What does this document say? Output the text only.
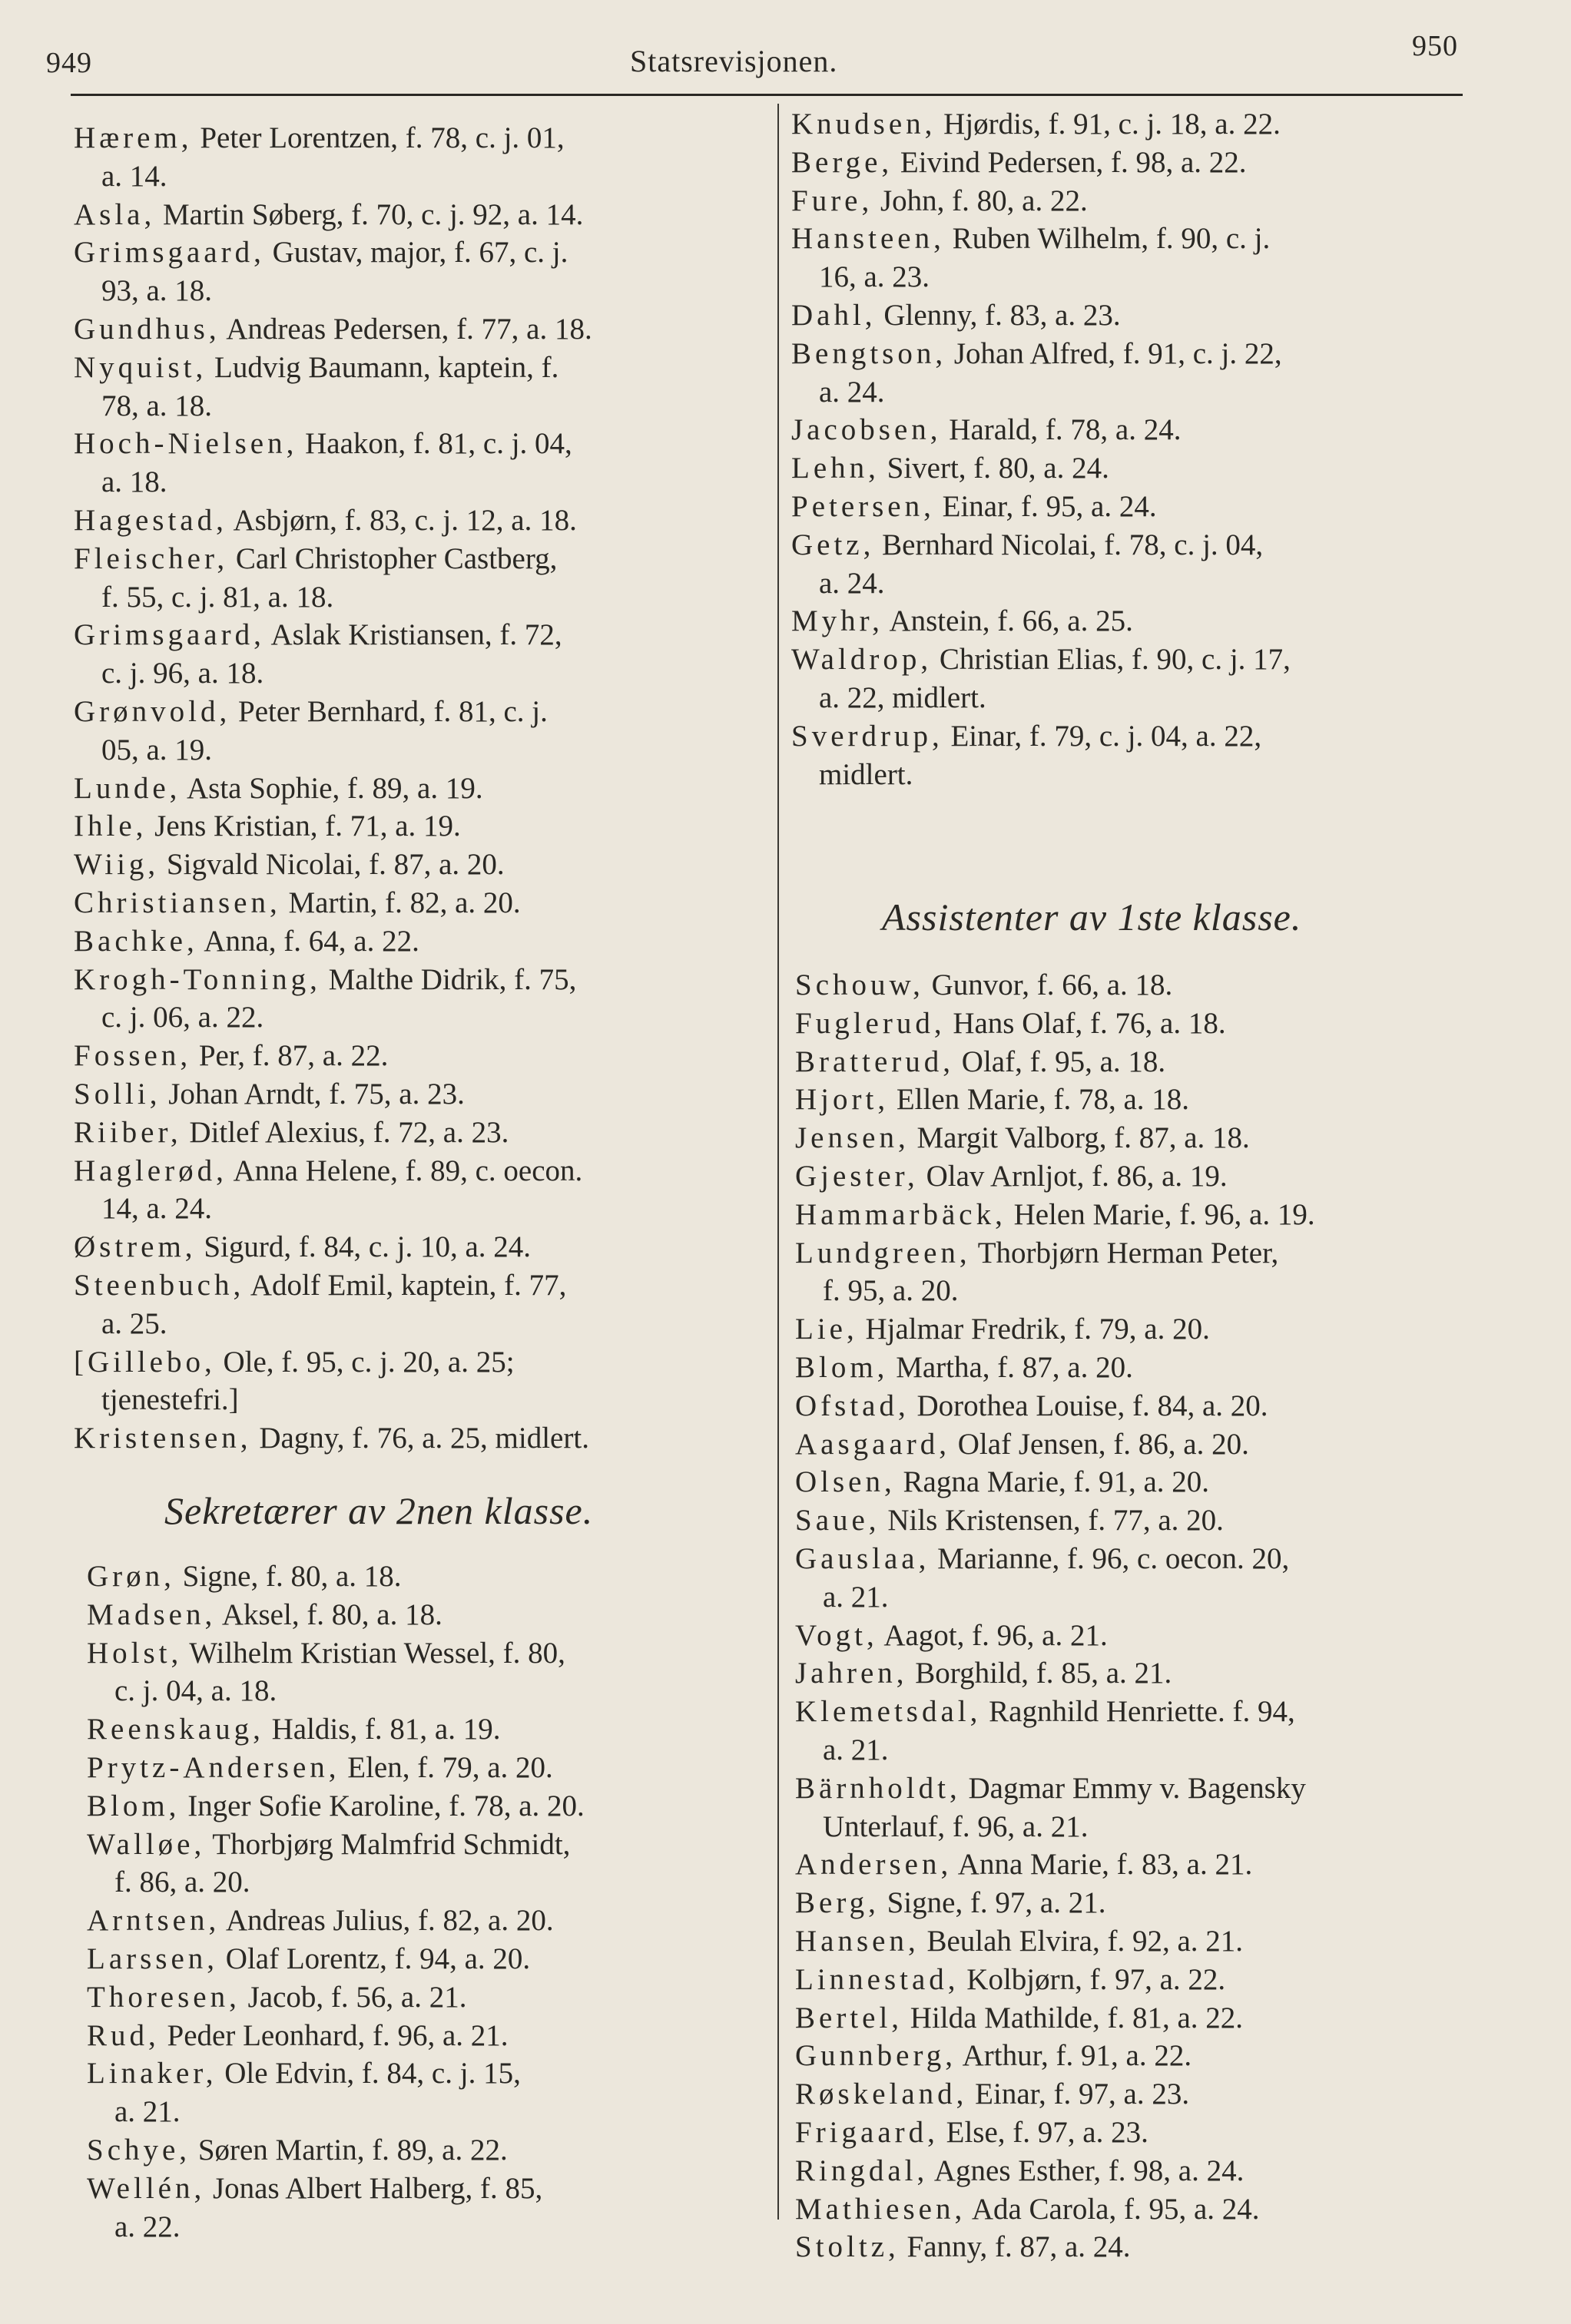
949	Statsrevisjonen.	950
Hærem, Peter Lorentzen, f. 78, c. j. 01,
a. 14.
Asla, Martin Søberg, f. 70, c. j. 92, a. 14.
Grimsgaard, Gustav, major, f. 67, c. j.
93, a. 18.
Gundhus, Andreas Pedersen, f. 77, a. 18.
Nyquist, Ludvig Baumann, kaptein, f.
78, a. 18.
Hoch-Nielsen, Haakon, f. 81, c. j. 04,
a. 18.
Hagestad, Asbjørn, f. 83, c. j. 12, a. 18.
Fleischer, Carl Christopher Castberg,
f. 55, c. j. 81, a. 18.
Grimsgaard, Aslak Kristiansen, f. 72,
c. j. 96, a. 18.
Grønvold, Peter Bernhard, f. 81, c. j.
05, a. 19.
Lunde, Asta Sophie, f. 89, a. 19.
Ihle, Jens Kristian, f. 71, a. 19.
Wiig, Sigvald Nicolai, f. 87, a. 20.
Christiansen, Martin, f. 82, a. 20.
Bachke, Anna, f. 64, a. 22.
Krogh-Tonning, Malthe Didrik, f. 75,
c. j. 06, a. 22.
Fossen, Per, f. 87, a. 22.
Solli, Johan Arndt, f. 75, a. 23.
Riiber, Ditlef Alexius, f. 72, a. 23.
Haglerød, Anna Helene, f. 89, c. oecon.
14, a. 24.
Østrem, Sigurd, f. 84, c. j. 10, a. 24.
Steenbuch, Adolf Emil, kaptein, f. 77,
a. 25.
[Gillebo, Ole, f. 95, c. j. 20, a. 25;
tjenestefri.]
Kristensen, Dagny, f. 76, a. 25, midlert.
Sekretærer av 2nen klasse.
Grøn, Signe, f. 80, a. 18.
Madsen, Aksel, f. 80, a. 18.
Holst, Wilhelm Kristian Wessel, f. 80,
c. j. 04, a. 18.
Reenskaug, Haldis, f. 81, a. 19.
Prytz-Andersen, Elen, f. 79, a. 20.
Blom, Inger Sofie Karoline, f. 78, a. 20.
Walløe, Thorbjørg Malmfrid Schmidt,
f. 86, a. 20.
Arntsen, Andreas Julius, f. 82, a. 20.
Larssen, Olaf Lorentz, f. 94, a. 20.
Thoresen, Jacob, f. 56, a. 21.
Rud, Peder Leonhard, f. 96, a. 21.
Linaker, Ole Edvin, f. 84, c. j. 15,
a. 21.
Schye, Søren Martin, f. 89, a. 22.
Wellén, Jonas Albert Halberg, f. 85,
a. 22.
Knudsen, Hjørdis, f. 91, c. j. 18, a. 22.
Berge, Eivind Pedersen, f. 98, a. 22.
Fure, John, f. 80, a. 22.
Hansteen, Ruben Wilhelm, f. 90, c. j.
16, a. 23.
Dahl, Glenny, f. 83, a. 23.
Bengtson, Johan Alfred, f. 91, c. j. 22,
a. 24.
Jacobsen, Harald, f. 78, a. 24.
Lehn, Sivert, f. 80, a. 24.
Petersen, Einar, f. 95, a. 24.
Getz, Bernhard Nicolai, f. 78, c. j. 04,
a. 24.
Myhr, Anstein, f. 66, a. 25.
Waldrop, Christian Elias, f. 90, c. j. 17,
a. 22, midlert.
Sverdrup, Einar, f. 79, c. j. 04, a. 22,
midlert.
Assistenter av 1ste klasse.
Schouw, Gunvor, f. 66, a. 18.
Fuglerud, Hans Olaf, f. 76, a. 18.
Bratterud, Olaf, f. 95, a. 18.
Hjort, Ellen Marie, f. 78, a. 18.
Jensen, Margit Valborg, f. 87, a. 18.
Gjester, Olav Arnljot, f. 86, a. 19.
Hammarbäck, Helen Marie, f. 96, a. 19.
Lundgreen, Thorbjørn Herman Peter,
f. 95, a. 20.
Lie, Hjalmar Fredrik, f. 79, a. 20.
Blom, Martha, f. 87, a. 20.
Ofstad, Dorothea Louise, f. 84, a. 20.
Aasgaard, Olaf Jensen, f. 86, a. 20.
Olsen, Ragna Marie, f. 91, a. 20.
Saue, Nils Kristensen, f. 77, a. 20.
Gauslaa, Marianne, f. 96, c. oecon. 20,
a. 21.
Vogt, Aagot, f. 96, a. 21.
Jahren, Borghild, f. 85, a. 21.
Klemetsdal, Ragnhild Henriette. f. 94,
a. 21.
Bärnholdt, Dagmar Emmy v. Bagensky
Unterlauf, f. 96, a. 21.
Andersen, Anna Marie, f. 83, a. 21.
Berg, Signe, f. 97, a. 21.
Hansen, Beulah Elvira, f. 92, a. 21.
Linnestad, Kolbjørn, f. 97, a. 22.
Bertel, Hilda Mathilde, f. 81, a. 22.
Gunnberg, Arthur, f. 91, a. 22.
Røskeland, Einar, f. 97, a. 23.
Frigaard, Else, f. 97, a. 23.
Ringdal, Agnes Esther, f. 98, a. 24.
Mathiesen, Ada Carola, f. 95, a. 24.
Stoltz, Fanny, f. 87, a. 24.
